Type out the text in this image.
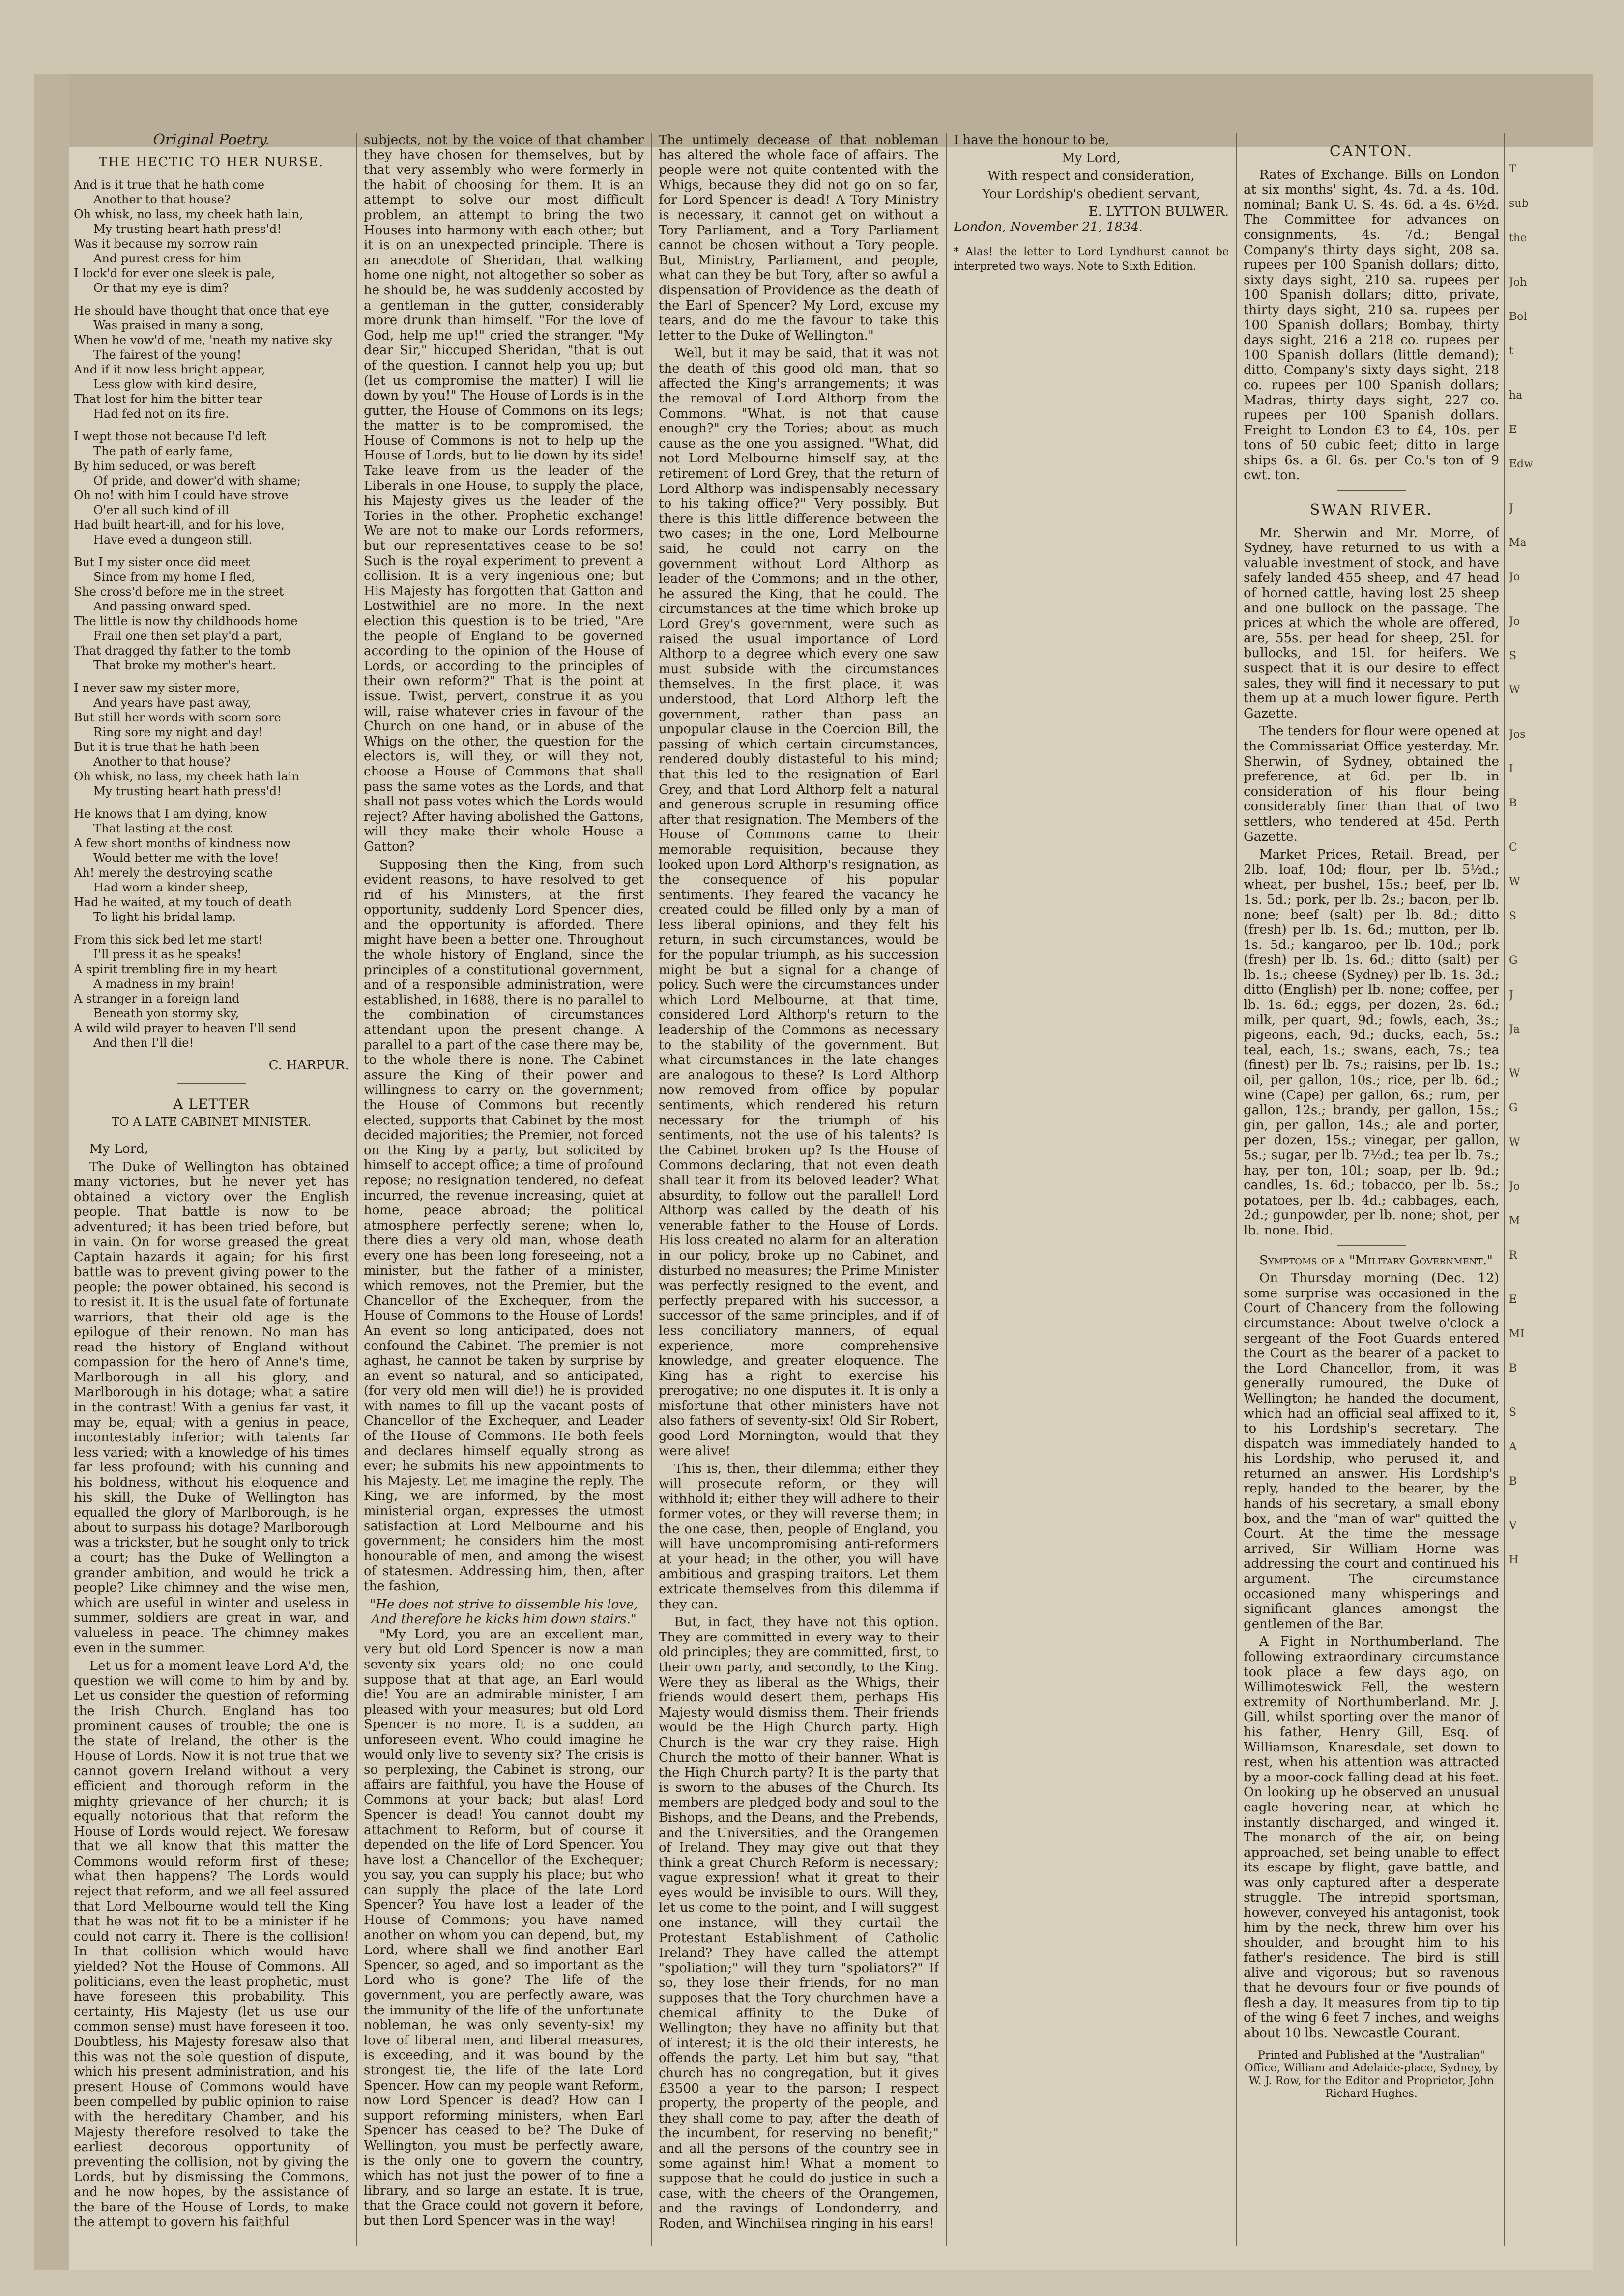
Original Poetry.
THE HECTIC TO HER NURSE.

And is it true that he hath come

Another to that house?

Oh whisk, no lass, my cheek hath lain,

My trusting heart hath press'd!

Was it because my sorrow rain

And purest cress for him

I lock'd for ever one sleek is pale,

Or that my eye is dim?

He should have thought that once that eye

Was praised in many a song,

When he vow'd of me, 'neath my native sky

The fairest of the young!

And if it now less bright appear,

Less glow with kind desire,

That lost for him the bitter tear

Had fed not on its fire.

I wept those not because I'd left

The path of early fame,

By him seduced, or was bereft

Of pride, and dower'd with shame;

Oh no! with him I could have strove

O'er all such kind of ill

Had built heart-ill, and for his love,

Have eved a dungeon still.

But I my sister once did meet

Since from my home I fled,

She cross'd before me in the street

And passing onward sped.

The little is now thy childhoods home

Frail one then set play'd a part,

That dragged thy father to the tomb

That broke my mother's heart.

I never saw my sister more,

And years have past away,

But still her words with scorn sore

Ring sore my night and day!

But it is true that he hath been

Another to that house?

Oh whisk, no lass, my cheek hath lain

My trusting heart hath press'd!

He knows that I am dying, know

That lasting at the cost

A few short months of kindness now

Would better me with the love!

Ah! merely the destroying scathe

Had worn a kinder sheep,

Had he waited, at my touch of death

To light his bridal lamp.

From this sick bed let me start!

I'll press it as he speaks!

A spirit trembling fire in my heart

A madness in my brain!

A stranger in a foreign land

Beneath yon stormy sky,

A wild wild prayer to heaven I'll send

And then I'll die!

C. HARPUR.
A LETTER
TO A LATE CABINET MINISTER.

My Lord,

The Duke of Wellington has obtained many victories, but he never yet has obtained a victory over the English people. That battle is now to be adventured; it has been tried before, but in vain. On for worse greased the great Captain hazards it again; for his first battle was to prevent giving power to the people; the power obtained, his second is to resist it. It is the usual fate of fortunate warriors, that their old age is the epilogue of their renown. No man has read the history of England without compassion for the hero of Anne's time, Marlborough in all his glory, and Marlborough in his dotage; what a satire in the contrast! With a genius far vast, it may be, equal; with a genius in peace, incontestably inferior; with talents far less varied; with a knowledge of his times far less profound; with his cunning and his boldness, without his eloquence and his skill, the Duke of Wellington has equalled the glory of Marlborough, is he about to surpass his dotage? Marlborough was a trickster, but he sought only to trick a court; has the Duke of Wellington a grander ambition, and would he trick a people? Like chimney and the wise men, which are useful in winter and useless in summer, soldiers are great in war, and valueless in peace. The chimney makes even in the summer.

Let us for a moment leave Lord A'd, the question we will come to him by and by. Let us consider the question of reforming the Irish Church. England has too prominent causes of trouble; the one is the state of Ireland, the other is the House of Lords. Now it is not true that we cannot govern Ireland without a very efficient and thorough reform in the mighty grievance of her church; it is equally notorious that that reform the House of Lords would reject. We foresaw that we all know that this matter the Commons would reform first of these; what then happens? The Lords would reject that reform, and we all feel assured that Lord Melbourne would tell the King that he was not fit to be a minister if he could not carry it. There is the collision! In that collision which would have yielded? Not the House of Commons. All politicians, even the least prophetic, must have foreseen this probability. This certainty, His Majesty (let us use our common sense) must have foreseen it too. Doubtless, his Majesty foresaw also that this was not the sole question of dispute, which his present administration, and his present House of Commons would have been compelled by public opinion to raise with the hereditary Chamber, and his Majesty therefore resolved to take the earliest decorous opportunity of preventing the collision, not by giving the Lords, but by dismissing the Commons, and he now hopes, by the assistance of the bare of the House of Lords, to make the attempt to govern his faithful

subjects, not by the voice of that chamber they have chosen for themselves, but by that very assembly who were formerly in the habit of choosing for them. It is an attempt to solve our most difficult problem, an attempt to bring the two Houses into harmony with each other; but it is on an unexpected principle. There is an anecdote of Sheridan, that walking home one night, not altogether so sober as he should be, he was suddenly accosted by a gentleman in the gutter, considerably more drunk than himself. "For the love of God, help me up!" cried the stranger. "My dear Sir," hiccuped Sheridan, "that is out of the question. I cannot help you up; but (let us compromise the matter) I will lie down by you!" The House of Lords is in the gutter, the House of Commons on its legs; the matter is to be compromised, the House of Commons is not to help up the House of Lords, but to lie down by its side! Take leave from us the leader of the Liberals in one House, to supply the place, his Majesty gives us the leader of the Tories in the other. Prophetic exchange! We are not to make our Lords reformers, but our representatives cease to be so! Such is the royal experiment to prevent a collision. It is a very ingenious one; but His Majesty has forgotten that Gatton and Lostwithiel are no more. In the next election this question is to be tried, "Are the people of England to be governed according to the opinion of the House of Lords, or according to the principles of their own reform?" That is the point at issue. Twist, pervert, construe it as you will, raise whatever cries in favour of the Church on one hand, or in abuse of the Whigs on the other, the question for the electors is, will they, or will they not, choose a House of Commons that shall pass the same votes as the Lords, and that shall not pass votes which the Lords would reject? After having abolished the Gattons, will they make their whole House a Gatton?

Supposing then the King, from such evident reasons, to have resolved to get rid of his Ministers, at the first opportunity, suddenly Lord Spencer dies, and the opportunity is afforded. There might have been a better one. Throughout the whole history of England, since the principles of a constitutional government, and of a responsible administration, were established, in 1688, there is no parallel to the combination of circumstances attendant upon the present change. A parallel to a part of the case there may be, to the whole there is none. The Cabinet assure the King of their power and willingness to carry on the government; the House of Commons but recently elected, supports that Cabinet by the most decided majorities; the Premier, not forced on the King by a party, but solicited by himself to accept office; a time of profound repose; no resignation tendered, no defeat incurred, the revenue increasing, quiet at home, peace abroad; the political atmosphere perfectly serene; when lo, there dies a very old man, whose death every one has been long foreseeing, not a minister, but the father of a minister, which removes, not the Premier, but the Chancellor of the Exchequer, from the House of Commons to the House of Lords! An event so long anticipated, does not confound the Cabinet. The premier is not aghast, he cannot be taken by surprise by an event so natural, and so anticipated, (for very old men will die!) he is provided with names to fill up the vacant posts of Chancellor of the Exchequer, and Leader of the House of Commons. He both feels and declares himself equally strong as ever; he submits his new appointments to his Majesty. Let me imagine the reply. The King, we are informed, by the most ministerial organ, expresses the utmost satisfaction at Lord Melbourne and his government; he considers him the most honourable of men, and among the wisest of statesmen. Addressing him, then, after the fashion,

"He does not strive to dissemble his love,

And therefore he kicks him down stairs."

"My Lord, you are an excellent man, very but old Lord Spencer is now a man seventy-six years old; no one could suppose that at that age, an Earl would die! You are an admirable minister, I am pleased with your measures; but old Lord Spencer is no more. It is a sudden, an unforeseen event. Who could imagine he would only live to seventy six? The crisis is so perplexing, the Cabinet is strong, our affairs are faithful, you have the House of Commons at your back; but alas! Lord Spencer is dead! You cannot doubt my attachment to Reform, but of course it depended on the life of Lord Spencer. You have lost a Chancellor of the Exchequer; you say, you can supply his place; but who can supply the place of the late Lord Spencer? You have lost a leader of the House of Commons; you have named another on whom you can depend, but, my Lord, where shall we find another Earl Spencer, so aged, and so important as the Lord who is gone? The life of the government, you are perfectly aware, was the immunity of the life of the unfortunate nobleman, he was only seventy-six! my love of liberal men, and liberal measures, is exceeding, and it was bound by the strongest tie, the life of the late Lord Spencer. How can my people want Reform, now Lord Spencer is dead? How can I support reforming ministers, when Earl Spencer has ceased to be? The Duke of Wellington, you must be perfectly aware, is the only one to govern the country, which has not just the power of to fine a library, and so large an estate. It is true, that the Grace could not govern it before, but then Lord Spencer was in the way!

The untimely decease of that nobleman has altered the whole face of affairs. The people were not quite contented with the Whigs, because they did not go on so far, for Lord Spencer is dead! A Tory Ministry is necessary, it cannot get on without a Tory Parliament, and a Tory Parliament cannot be chosen without a Tory people. But, Ministry, Parliament, and people, what can they be but Tory, after so awful a dispensation of Providence as the death of the Earl of Spencer? My Lord, excuse my tears, and do me the favour to take this letter to the Duke of Wellington."

Well, but it may be said, that it was not the death of this good old man, that so affected the King's arrangements; it was the removal of Lord Althorp from the Commons. "What, is not that cause enough?" cry the Tories; about as much cause as the one you assigned. "What, did not Lord Melbourne himself say, at the retirement of Lord Grey, that the return of Lord Althorp was indispensably necessary to his taking office?" Very possibly. But there is this little difference between the two cases; in the one, Lord Melbourne said, he could not carry on the government without Lord Althorp as leader of the Commons; and in the other, he assured the King, that he could. The circumstances at the time which broke up Lord Grey's government, were such as raised the usual importance of Lord Althorp to a degree which every one saw must subside with the circumstances themselves. In the first place, it was understood, that Lord Althorp left the government, rather than pass an unpopular clause in the Coercion Bill, the passing of which certain circumstances, rendered doubly distasteful to his mind; that this led to the resignation of Earl Grey, and that Lord Althorp felt a natural and generous scruple in resuming office after that resignation. The Members of the House of Commons came to their memorable requisition, because they looked upon Lord Althorp's resignation, as the consequence of his popular sentiments. They feared the vacancy he created could be filled only by a man of less liberal opinions, and they felt his return, in such circumstances, would be for the popular triumph, as his succession might be but a signal for a change of policy. Such were the circumstances under which Lord Melbourne, at that time, considered Lord Althorp's return to the leadership of the Commons as necessary to the stability of the government. But what circumstances in the late changes are analogous to these? Is Lord Althorp now removed from office by popular sentiments, which rendered his return necessary for the triumph of his sentiments, not the use of his talents? Is the Cabinet broken up? Is the House of Commons declaring, that not even death shall tear it from its beloved leader? What absurdity, to follow out the parallel! Lord Althorp was called by the death of his venerable father to the House of Lords. His loss created no alarm for an alteration in our policy, broke up no Cabinet, and disturbed no measures; the Prime Minister was perfectly resigned to the event, and perfectly prepared with his successor, a successor of the same principles, and if of less conciliatory manners, of equal experience, more comprehensive knowledge, and greater eloquence. The King has a right to exercise his prerogative; no one disputes it. It is only a misfortune that other ministers have not also fathers of seventy-six! Old Sir Robert, good Lord Mornington, would that they were alive!

This is, then, their dilemma; either they will prosecute reform, or they will withhold it; either they will adhere to their former votes, or they will reverse them; in the one case, then, people of England, you will have uncompromising anti-reformers at your head; in the other, you will have ambitious and grasping traitors. Let them extricate themselves from this dilemma if they can.

But, in fact, they have not this option. They are committed in every way to their old principles; they are committed, first, to their own party, and secondly, to the King. Were they as liberal as the Whigs, their friends would desert them, perhaps His Majesty would dismiss them. Their friends would be the High Church party. High Church is the war cry they raise. High Church the motto of their banner. What is the High Church party? It is the party that is sworn to the abuses of the Church. Its members are pledged body and soul to the Bishops, and the Deans, and the Prebends, and the Universities, and the Orangemen of Ireland. They may give out that they think a great Church Reform is necessary; vague expression! what it great to their eyes would be invisible to ours. Will they, let us come to the point, and I will suggest one instance, will they curtail the Protestant Establishment of Catholic Ireland? They have called the attempt "spoliation;" will they turn "spoliators?" If so, they lose their friends, for no man supposes that the Tory churchmen have a chemical affinity to the Duke of Wellington; they have no affinity but that of interest; it is the old their interests, he offends the party. Let him but say, "that church has no congregation, but it gives £3500 a year to the parson; I respect property, the property of the people, and they shall come to pay, after the death of the incumbent, for reserving no benefit;" and all the persons of the country see in some against him! What a moment to suppose that he could do justice in such a case, with the cheers of the Orangemen, and the ravings of Londonderry, and Roden, and Winchilsea ringing in his ears!

I have the honour to be,

My Lord,

With respect and consideration,

Your Lordship's obedient servant,

E. LYTTON BULWER.

London, November 21, 1834.

* Alas! the letter to Lord Lyndhurst cannot be interpreted two ways. Note to Sixth Edition.

CANTON.

Rates of Exchange. Bills on London at six months' sight, 4s. 7d. a 4s. 10d. nominal; Bank U. S. 4s. 6d. a 4s. 6½d. The Committee for advances on consignments, 4s. 7d.; Bengal Company's thirty days sight, 208 sa. rupees per 100 Spanish dollars; ditto, sixty days sight, 210 sa. rupees per 100 Spanish dollars; ditto, private, thirty days sight, 210 sa. rupees per 100 Spanish dollars; Bombay, thirty days sight, 216 a 218 co. rupees per 100 Spanish dollars (little demand); ditto, Company's sixty days sight, 218 co. rupees per 100 Spanish dollars; Madras, thirty days sight, 227 co. rupees per 100 Spanish dollars. Freight to London £3 to £4, 10s. per tons of 50 cubic feet; ditto in large ships 6s. a 6l. 6s. per Co.'s ton of 9 cwt. ton.

SWAN RIVER.

Mr. Sherwin and Mr. Morre, of Sydney, have returned to us with a valuable investment of stock, and have safely landed 455 sheep, and 47 head of horned cattle, having lost 25 sheep and one bullock on the passage. The prices at which the whole are offered, are, 55s. per head for sheep, 25l. for bullocks, and 15l. for heifers. We suspect that it is our desire to effect sales, they will find it necessary to put them up at a much lower figure. Perth Gazette.

The tenders for flour were opened at the Commissariat Office yesterday. Mr. Sherwin, of Sydney, obtained the preference, at 6d. per lb. in consideration of his flour being considerably finer than that of two settlers, who tendered at 45d. Perth Gazette.

Market Prices, Retail. Bread, per 2lb. loaf, 10d; flour, per lb. 5½d.; wheat, per bushel, 15s.; beef, per lb. 1s. 5d.; pork, per lb. 2s.; bacon, per lb. none; beef (salt) per lb. 8d.; ditto (fresh) per lb. 1s. 6d.; mutton, per lb. 1s. 5d.; kangaroo, per lb. 10d.; pork (fresh) per lb. 1s. 6d.; ditto (salt) per lb. 1s.; cheese (Sydney) per lb. 1s. 3d.; ditto (English) per lb. none; coffee, per lb. 1s. 6d.; eggs, per dozen, 2s. 6d.; milk, per quart, 9d.; fowls, each, 3s.; pigeons, each, 9d.; ducks, each, 5s.; teal, each, 1s.; swans, each, 7s.; tea (finest) per lb. 7s.; raisins, per lb. 1s.; oil, per gallon, 10s.; rice, per lb. 6d.; wine (Cape) per gallon, 6s.; rum, per gallon, 12s.; brandy, per gallon, 15s.; gin, per gallon, 14s.; ale and porter, per dozen, 15s.; vinegar, per gallon, 5s.; sugar, per lb. 7½d.; tea per lb. 7s.; hay, per ton, 10l.; soap, per lb. 9d.; candles, 1s. 6d.; tobacco, per lb. 5s.; potatoes, per lb. 4d.; cabbages, each, 2d.; gunpowder, per lb. none; shot, per lb. none. Ibid.

Symptoms of a "Military Government."

On Thursday morning (Dec. 12) some surprise was occasioned in the Court of Chancery from the following circumstance: About twelve o'clock a sergeant of the Foot Guards entered the Court as the bearer of a packet to the Lord Chancellor, from, it was generally rumoured, the Duke of Wellington; he handed the document, which had an official seal affixed to it, to his Lordship's secretary. The dispatch was immediately handed to his Lordship, who perused it, and returned an answer. His Lordship's reply, handed to the bearer, by the hands of his secretary, a small ebony box, and the "man of war" quitted the Court. At the time the message arrived, Sir William Horne was addressing the court and continued his argument. The circumstance occasioned many whisperings and significant glances amongst the gentlemen of the Bar.

A Fight in Northumberland. The following extraordinary circumstance took place a few days ago, on Willimoteswick Fell, the western extremity of Northumberland. Mr. J. Gill, whilst sporting over the manor of his father, Henry Gill, Esq. of Williamson, Knaresdale, set down to rest, when his attention was attracted by a moor-cock falling dead at his feet. On looking up he observed an unusual eagle hovering near, at which he instantly discharged, and winged it. The monarch of the air, on being approached, set being unable to effect its escape by flight, gave battle, and was only captured after a desperate struggle. The intrepid sportsman, however, conveyed his antagonist, took him by the neck, threw him over his shoulder, and brought him to his father's residence. The bird is still alive and vigorous; but so ravenous that he devours four or five pounds of flesh a day. It measures from tip to tip of the wing 6 feet 7 inches, and weighs about 10 lbs. Newcastle Courant.

Printed and Published at the "Australian" Office, William and Adelaide-place, Sydney, by W. J. Row, for the Editor and Proprietor, John Richard Hughes.
T
sub
the
Joh
Bol
t
ha
E
Edw
J
Ma
Jo
Jo
S
W
Jos
I
B
C
W
S
G
J
Ja
W
G
W
Jo
M
R
E
MI
B
S
A
B
V
H
